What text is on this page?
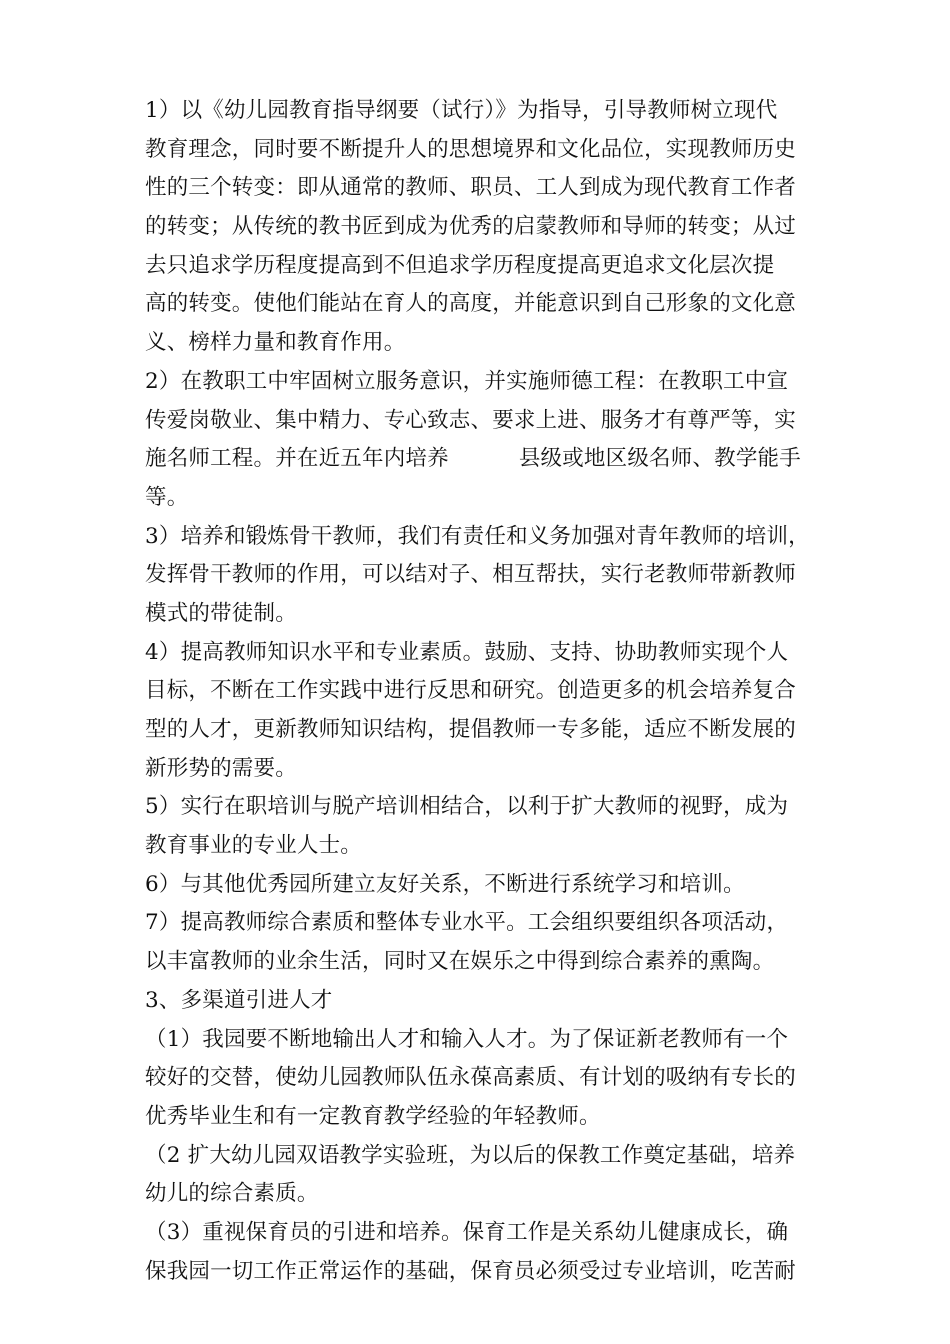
1）以《幼儿园教育指导纲要（试行）》为指导，引导教师树立现代
教育理念，同时要不断提升人的思想境界和文化品位，实现教师历史
性的三个转变：即从通常的教师、职员、工人到成为现代教育工作者
的转变；从传统的教书匠到成为优秀的启蒙教师和导师的转变；从过
去只追求学历程度提高到不但追求学历程度提高更追求文化层次提
高的转变。使他们能站在育人的高度，并能意识到自己形象的文化意
义、榜样力量和教育作用。
2）在教职工中牢固树立服务意识，并实施师德工程：在教职工中宣
传爱岗敬业、集中精力、专心致志、要求上进、服务才有尊严等，实
施名师工程。并在近五年内培养	县级或地区级名师、教学能手
等。
3）培养和锻炼骨干教师，我们有责任和义务加强对青年教师的培训，
发挥骨干教师的作用，可以结对子、相互帮扶，实行老教师带新教师
模式的带徒制。
4）提高教师知识水平和专业素质。鼓励、支持、协助教师实现个人
目标，不断在工作实践中进行反思和研究。创造更多的机会培养复合
型的人才，更新教师知识结构，提倡教师一专多能，适应不断发展的
新形势的需要。
5）实行在职培训与脱产培训相结合，以利于扩大教师的视野，成为
教育事业的专业人士。
6）与其他优秀园所建立友好关系，不断进行系统学习和培训。
7）提高教师综合素质和整体专业水平。工会组织要组织各项活动，
以丰富教师的业余生活，同时又在娱乐之中得到综合素养的熏陶。
3、多渠道引进人才
（1）我园要不断地输出人才和输入人才。为了保证新老教师有一个
较好的交替，使幼儿园教师队伍永葆高素质、有计划的吸纳有专长的
优秀毕业生和有一定教育教学经验的年轻教师。
（2 扩大幼儿园双语教学实验班，为以后的保教工作奠定基础，培养
幼儿的综合素质。
（3）重视保育员的引进和培养。保育工作是关系幼儿健康成长，确
保我园一切工作正常运作的基础，保育员必须受过专业培训，吃苦耐
